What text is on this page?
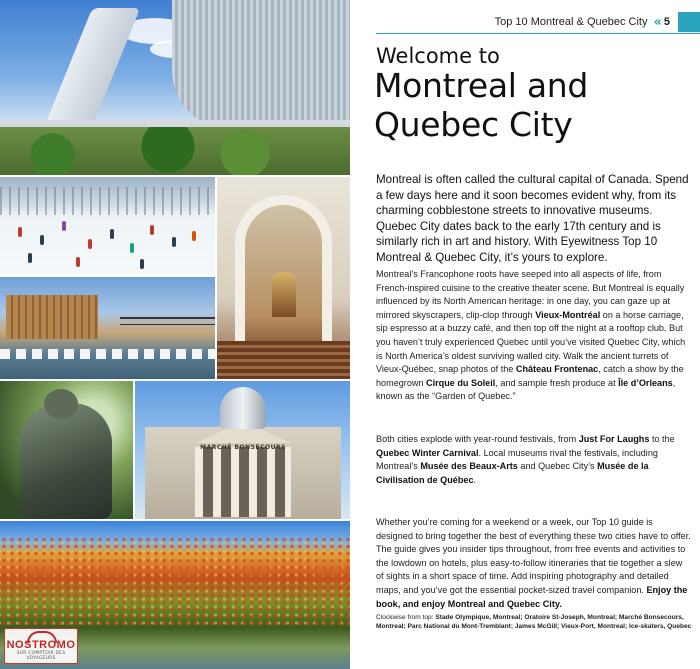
MARCHÉ BONSECOURS
NOSTROMO
SUR COMPTOIR DES VOYAGEURS
Top 10 Montreal & Quebec City « 5
Welcome to
Montreal and Quebec City

Montreal is often called the cultural capital of Canada. Spend a few days here and it soon becomes evident why, from its charming cobblestone streets to innovative museums. Quebec City dates back to the early 17th century and is similarly rich in art and history. With Eyewitness Top 10 Montreal & Quebec City, it’s yours to explore.

Montreal’s Francophone roots have seeped into all aspects of life, from French-inspired cuisine to the creative theater scene. But Montreal is equally influenced by its North American heritage: in one day, you can gaze up at mirrored skyscrapers, clip-clop through Vieux-Montréal on a horse carriage, sip espresso at a buzzy café, and then top off the night at a rooftop club. But you haven’t truly experienced Quebec until you’ve visited Quebec City, which is North America’s oldest surviving walled city. Walk the ancient turrets of Vieux-Québec, snap photos of the Château Frontenac, catch a show by the homegrown Cirque du Soleil, and sample fresh produce at Île d’Orleans, known as the “Garden of Quebec.”

Both cities explode with year-round festivals, from Just For Laughs to the Quebec Winter Carnival. Local museums rival the festivals, including Montreal’s Musée des Beaux-Arts and Quebec City’s Musée de la Civilisation de Québec.

Whether you’re coming for a weekend or a week, our Top 10 guide is designed to bring together the best of everything these two cities have to offer. The guide gives you insider tips throughout, from free events and activities to the lowdown on hotels, plus easy-to-follow itineraries that tie together a slew of sights in a short space of time. Add inspiring photography and detailed maps, and you’ve got the essential pocket-sized travel companion. Enjoy the book, and enjoy Montreal and Quebec City.

Clockwise from top: Stade Olympique, Montreal; Oratoire St-Joseph, Montreal; Marché Bonsecours, Montreal; Parc National du Mont-Tremblant; James McGill; Vieux-Port, Montreal; Ice-skaters, Quebec
